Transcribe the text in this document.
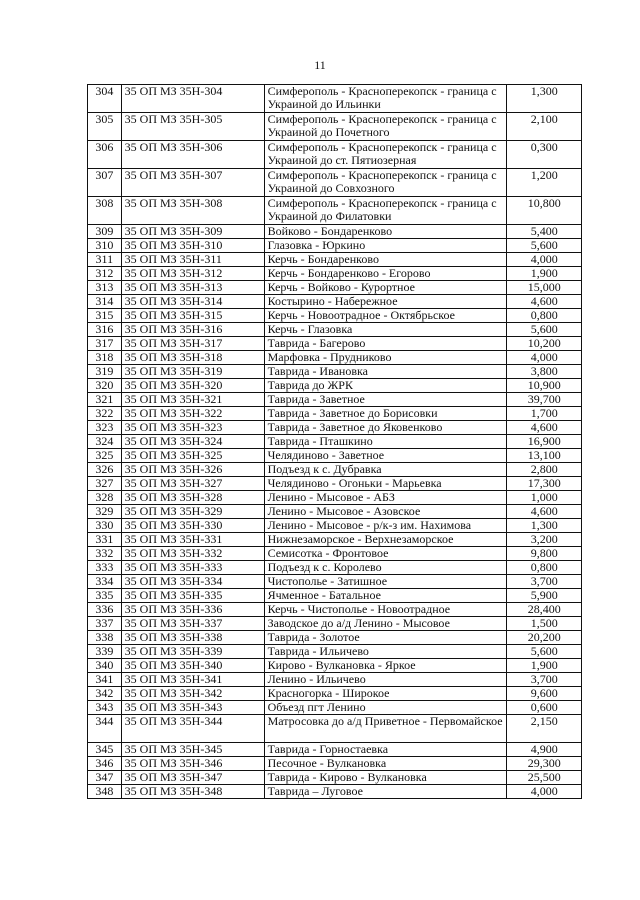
11
304	35 ОП МЗ 35Н-304	Симферополь - Красноперекопск - граница с Украиной до Ильинки	1,300
305	35 ОП МЗ 35Н-305	Симферополь - Красноперекопск - граница с Украиной до Почетного	2,100
306	35 ОП МЗ 35Н-306	Симферополь - Красноперекопск - граница с Украиной до ст. Пятиозерная	0,300
307	35 ОП МЗ 35Н-307	Симферополь - Красноперекопск - граница с Украиной до Совхозного	1,200
308	35 ОП МЗ 35Н-308	Симферополь - Красноперекопск - граница с Украиной до Филатовки	10,800
309	35 ОП МЗ 35Н-309	Войково - Бондаренково	5,400
310	35 ОП МЗ 35Н-310	Глазовка - Юркино	5,600
311	35 ОП МЗ 35Н-311	Керчь - Бондаренково	4,000
312	35 ОП МЗ 35Н-312	Керчь - Бондаренково - Егорово	1,900
313	35 ОП МЗ 35Н-313	Керчь - Войково - Курортное	15,000
314	35 ОП МЗ 35Н-314	Костырино - Набережное	4,600
315	35 ОП МЗ 35Н-315	Керчь - Новоотрадное - Октябрьское	0,800
316	35 ОП МЗ 35Н-316	Керчь - Глазовка	5,600
317	35 ОП МЗ 35Н-317	Таврида - Багерово	10,200
318	35 ОП МЗ 35Н-318	Марфовка - Прудниково	4,000
319	35 ОП МЗ 35Н-319	Таврида - Ивановка	3,800
320	35 ОП МЗ 35Н-320	Таврида до ЖРК	10,900
321	35 ОП МЗ 35Н-321	Таврида - Заветное	39,700
322	35 ОП МЗ 35Н-322	Таврида - Заветное до Борисовки	1,700
323	35 ОП МЗ 35Н-323	Таврида - Заветное до Яковенково	4,600
324	35 ОП МЗ 35Н-324	Таврида - Пташкино	16,900
325	35 ОП МЗ 35Н-325	Челядиново - Заветное	13,100
326	35 ОП МЗ 35Н-326	Подъезд к с. Дубравка	2,800
327	35 ОП МЗ 35Н-327	Челядиново - Огоньки - Марьевка	17,300
328	35 ОП МЗ 35Н-328	Ленино - Мысовое - АБЗ	1,000
329	35 ОП МЗ 35Н-329	Ленино - Мысовое - Азовское	4,600
330	35 ОП МЗ 35Н-330	Ленино - Мысовое - р/к-з им. Нахимова	1,300
331	35 ОП МЗ 35Н-331	Нижнезаморское - Верхнезаморское	3,200
332	35 ОП МЗ 35Н-332	Семисотка - Фронтовое	9,800
333	35 ОП МЗ 35Н-333	Подъезд к с. Королево	0,800
334	35 ОП МЗ 35Н-334	Чистополье - Затишное	3,700
335	35 ОП МЗ 35Н-335	Ячменное - Батальное	5,900
336	35 ОП МЗ 35Н-336	Керчь - Чистополье - Новоотрадное	28,400
337	35 ОП МЗ 35Н-337	Заводское до а/д Ленино - Мысовое	1,500
338	35 ОП МЗ 35Н-338	Таврида - Золотое	20,200
339	35 ОП МЗ 35Н-339	Таврида - Ильичево	5,600
340	35 ОП МЗ 35Н-340	Кирово - Вулкановка - Яркое	1,900
341	35 ОП МЗ 35Н-341	Ленино - Ильичево	3,700
342	35 ОП МЗ 35Н-342	Красногорка - Широкое	9,600
343	35 ОП МЗ 35Н-343	Объезд пгт Ленино	0,600
344	35 ОП МЗ 35Н-344	Матросовка до а/д Приветное - Первомайское	2,150
345	35 ОП МЗ 35Н-345	Таврида - Горностаевка	4,900
346	35 ОП МЗ 35Н-346	Песочное - Вулкановка	29,300
347	35 ОП МЗ 35Н-347	Таврида - Кирово - Вулкановка	25,500
348	35 ОП МЗ 35Н-348	Таврида – Луговое	4,000
